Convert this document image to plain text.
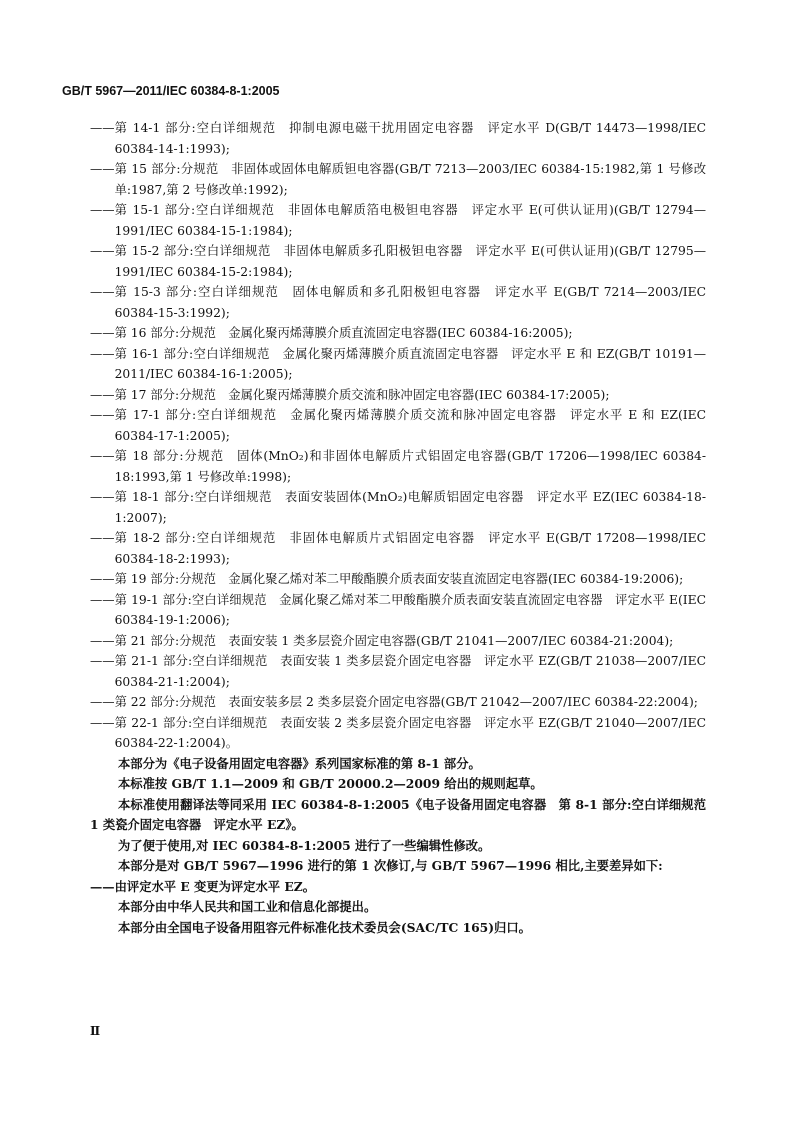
GB/T 5967—2011/IEC 60384-8-1:2005
—— 第 14-1 部分:空白详细规范　抑制电源电磁干扰用固定电容器　评定水平 D(GB/T 14473—1998/IEC 60384-14-1:1993);
—— 第 15 部分:分规范　非固体或固体电解质钽电容器(GB/T 7213—2003/IEC 60384-15:1982,第 1 号修改单:1987,第 2 号修改单:1992);
—— 第 15-1 部分:空白详细规范　非固体电解质箔电极钽电容器　评定水平 E(可供认证用)(GB/T 12794—1991/IEC 60384-15-1:1984);
—— 第 15-2 部分:空白详细规范　非固体电解质多孔阳极钽电容器　评定水平 E(可供认证用)(GB/T 12795—1991/IEC 60384-15-2:1984);
—— 第 15-3 部分:空白详细规范　固体电解质和多孔阳极钽电容器　评定水平 E(GB/T 7214—2003/IEC 60384-15-3:1992);
—— 第 16 部分:分规范　金属化聚丙烯薄膜介质直流固定电容器(IEC 60384-16:2005);
—— 第 16-1 部分:空白详细规范　金属化聚丙烯薄膜介质直流固定电容器　评定水平 E 和 EZ(GB/T 10191—2011/IEC 60384-16-1:2005);
—— 第 17 部分:分规范　金属化聚丙烯薄膜介质交流和脉冲固定电容器(IEC 60384-17:2005);
—— 第 17-1 部分:空白详细规范　金属化聚丙烯薄膜介质交流和脉冲固定电容器　评定水平 E 和 EZ(IEC 60384-17-1:2005);
—— 第 18 部分:分规范　固体(MnO₂)和非固体电解质片式铝固定电容器(GB/T 17206—1998/IEC 60384-18:1993,第 1 号修改单:1998);
—— 第 18-1 部分:空白详细规范　表面安装固体(MnO₂)电解质铝固定电容器　评定水平 EZ(IEC 60384-18-1:2007);
—— 第 18-2 部分:空白详细规范　非固体电解质片式铝固定电容器　评定水平 E(GB/T 17208—1998/IEC 60384-18-2:1993);
—— 第 19 部分:分规范　金属化聚乙烯对苯二甲酸酯膜介质表面安装直流固定电容器(IEC 60384-19:2006);
—— 第 19-1 部分:空白详细规范　金属化聚乙烯对苯二甲酸酯膜介质表面安装直流固定电容器　评定水平 E(IEC 60384-19-1:2006);
—— 第 21 部分:分规范　表面安装 1 类多层瓷介固定电容器(GB/T 21041—2007/IEC 60384-21:2004);
—— 第 21-1 部分:空白详细规范　表面安装 1 类多层瓷介固定电容器　评定水平 EZ(GB/T 21038—2007/IEC 60384-21-1:2004);
—— 第 22 部分:分规范　表面安装多层 2 类多层瓷介固定电容器(GB/T 21042—2007/IEC 60384-22:2004);
—— 第 22-1 部分:空白详细规范　表面安装 2 类多层瓷介固定电容器　评定水平 EZ(GB/T 21040—2007/IEC 60384-22-1:2004)。
本部分为《电子设备用固定电容器》系列国家标准的第 8-1 部分。
本标准按 GB/T 1.1—2009 和 GB/T 20000.2—2009 给出的规则起草。
本标准使用翻译法等同采用 IEC 60384-8-1:2005《电子设备用固定电容器　第 8-1 部分:空白详细规范　1 类瓷介固定电容器　评定水平 EZ》。
为了便于使用,对 IEC 60384-8-1:2005 进行了一些编辑性修改。
本部分是对 GB/T 5967—1996 进行的第 1 次修订,与 GB/T 5967—1996 相比,主要差异如下:
—— 由评定水平 E 变更为评定水平 EZ。
本部分由中华人民共和国工业和信息化部提出。
本部分由全国电子设备用阻容元件标准化技术委员会(SAC/TC 165)归口。
Ⅱ
